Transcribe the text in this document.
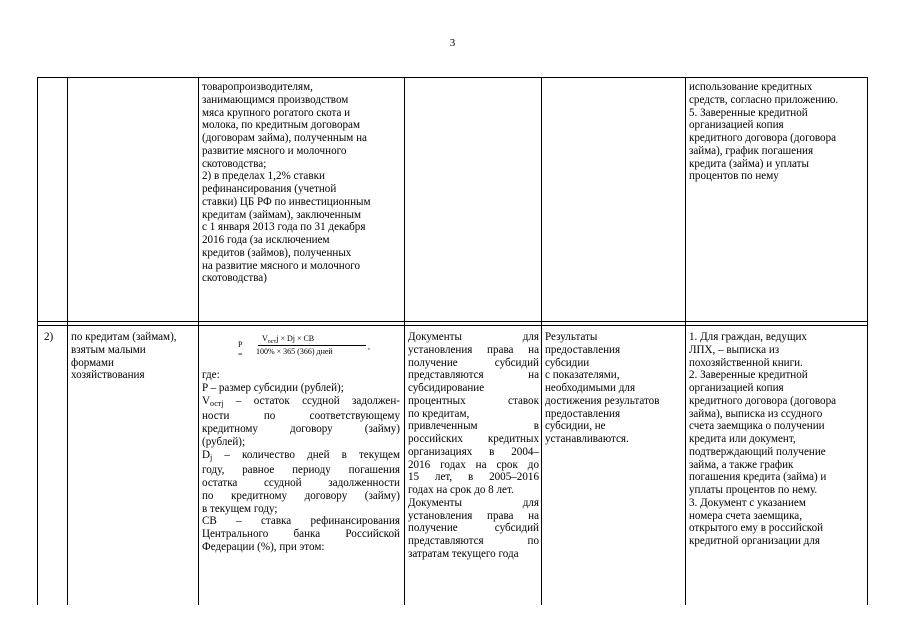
3
товаропроизводителям,
занимающимся производством
мяса крупного рогатого скота и
молока, по кредитным договорам
(договорам займа), полученным на
развитие мясного и молочного
скотоводства;
2) в пределах 1,2% ставки
рефинансирования (учетной
ставки) ЦБ РФ по инвестиционным
кредитам (займам), заключенным
с 1 января 2013 года по 31 декабря
2016 года (за исключением
кредитов (займов), полученных
на развитие мясного и молочного
скотоводства)
использование кредитных
средств, согласно приложению.
5. Заверенные кредитной
организацией копия
кредитного договора (договора
займа), график погашения
кредита (займа) и уплаты
процентов по нему
2) по кредитам (займам),
взятым малыми
формами
хозяйствования
P =
$V_{ост}j \times Dj$ × CB
100% × 365 (366) дней
,
где:
P – размер субсидии (рублей);
Vостj – остаток ссудной задолжен-
ности по соответствующему
кредитному договору (займу)
(рублей);
Dj – количество дней в текущем
году, равное периоду погашения
остатка ссудной задолженности
по кредитному договору (займу)
в текущем году;
CB – ставка рефинансирования
Центрального банка Российской
Федерации (%), при этом:
Документы для
установления права на
получение субсидий
представляются на
субсидирование
процентных ставок
по кредитам,
привлеченным в
российских кредитных
организациях в 2004–
2016 годах на срок до
15 лет, в 2005–2016
годах на срок до 8 лет.
Документы для
установления права на
получение субсидий
представляются по
затратам текущего года
Результаты
предоставления
субсидии
с показателями,
необходимыми для
достижения результатов
предоставления
субсидии, не
устанавливаются.
1. Для граждан, ведущих
ЛПХ, – выписка из
похозяйственной книги.
2. Заверенные кредитной
организацией копия
кредитного договора (договора
займа), выписка из ссудного
счета заемщика о получении
кредита или документ,
подтверждающий получение
займа, а также график
погашения кредита (займа) и
уплаты процентов по нему.
3. Документ с указанием
номера счета заемщика,
открытого ему в российской
кредитной организации для
